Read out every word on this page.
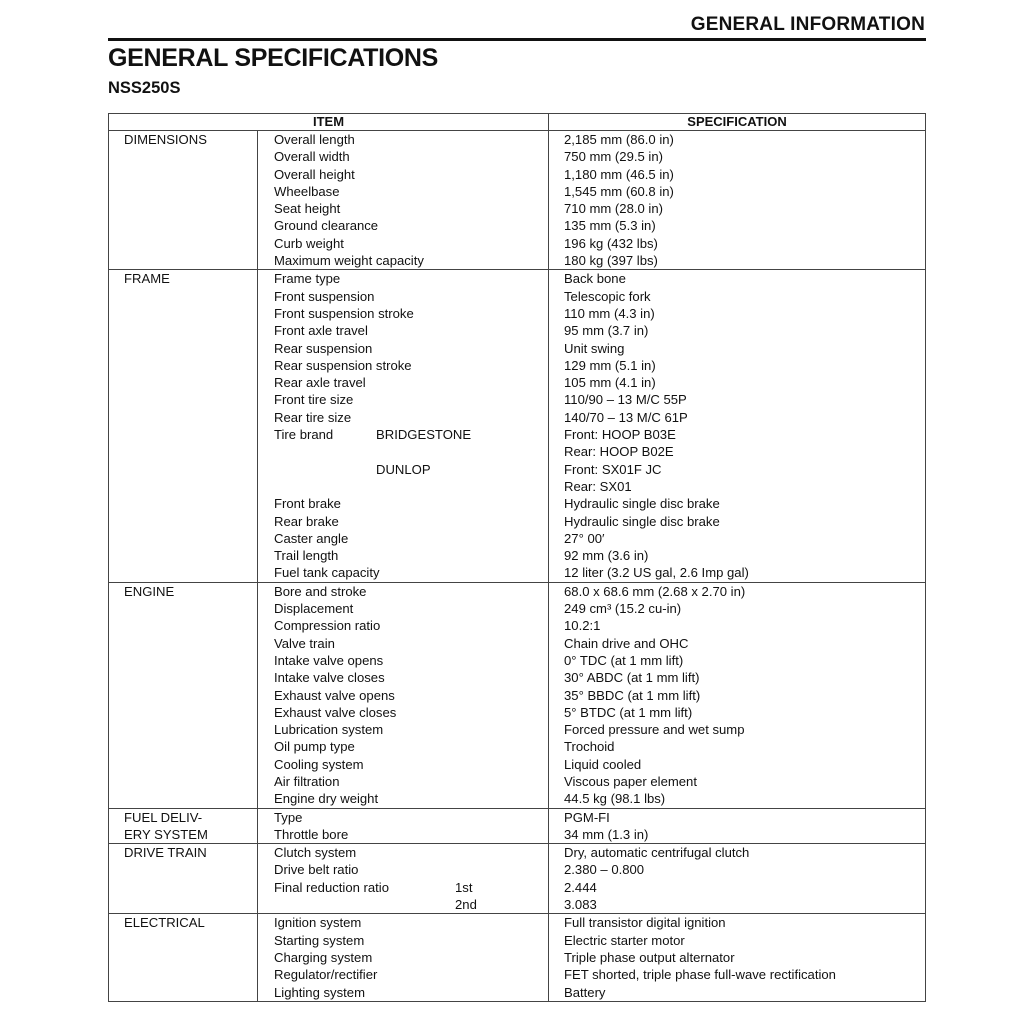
GENERAL INFORMATION
GENERAL SPECIFICATIONS
NSS250S
ITEM		SPECIFICATION
DIMENSIONS	Overall length	2,185 mm (86.0 in)
	Overall width	750 mm (29.5 in)
	Overall height	1,180 mm (46.5 in)
	Wheelbase	1,545 mm (60.8 in)
	Seat height	710 mm (28.0 in)
	Ground clearance	135 mm (5.3 in)
	Curb weight	196 kg (432 lbs)
	Maximum weight capacity	180 kg (397 lbs)
FRAME	Frame type	Back bone
	Front suspension	Telescopic fork
	Front suspension stroke	110 mm (4.3 in)
	Front axle travel	95 mm (3.7 in)
	Rear suspension	Unit swing
	Rear suspension stroke	129 mm (5.1 in)
	Rear axle travel	105 mm (4.1 in)
	Front tire size	110/90 – 13 M/C 55P
	Rear tire size	140/70 – 13 M/C 61P
	Tire brand BRIDGESTONE	Front: HOOP B03E
		Rear: HOOP B02E
	DUNLOP	Front: SX01F JC
		Rear: SX01
	Front brake	Hydraulic single disc brake
	Rear brake	Hydraulic single disc brake
	Caster angle	27° 00′
	Trail length	92 mm (3.6 in)
	Fuel tank capacity	12 liter (3.2 US gal, 2.6 Imp gal)
ENGINE	Bore and stroke	68.0 x 68.6 mm (2.68 x 2.70 in)
	Displacement	249 cm³ (15.2 cu-in)
	Compression ratio	10.2:1
	Valve train	Chain drive and OHC
	Intake valve opens	0° TDC (at 1 mm lift)
	Intake valve closes	30° ABDC (at 1 mm lift)
	Exhaust valve opens	35° BBDC (at 1 mm lift)
	Exhaust valve closes	5° BTDC (at 1 mm lift)
	Lubrication system	Forced pressure and wet sump
	Oil pump type	Trochoid
	Cooling system	Liquid cooled
	Air filtration	Viscous paper element
	Engine dry weight	44.5 kg (98.1 lbs)
FUEL DELIV-	Type	PGM-FI
ERY SYSTEM	Throttle bore	34 mm (1.3 in)
DRIVE TRAIN	Clutch system	Dry, automatic centrifugal clutch
	Drive belt ratio	2.380 – 0.800
	Final reduction ratio 1st	2.444
	2nd	3.083
ELECTRICAL	Ignition system	Full transistor digital ignition
	Starting system	Electric starter motor
	Charging system	Triple phase output alternator
	Regulator/rectifier	FET shorted, triple phase full-wave rectification
	Lighting system	Battery
